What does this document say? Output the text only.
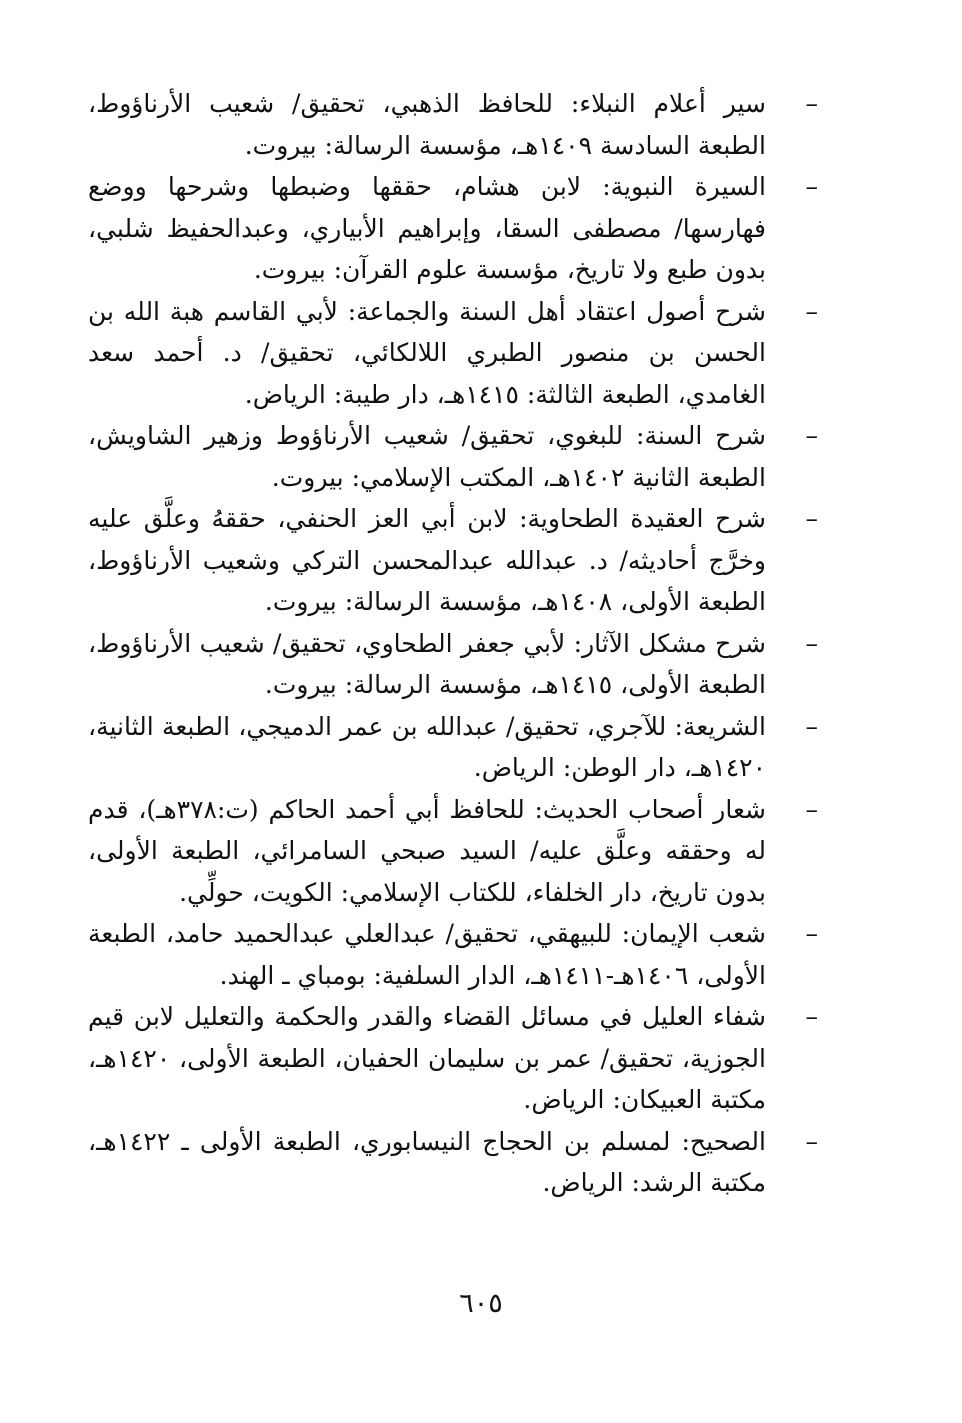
–
سير أعلام النبلاء: للحافظ الذهبي، تحقيق/ شعيب الأرناؤوط، الطبعة السادسة ١٤٠٩هـ، مؤسسة الرسالة: بيروت.
–
السيرة النبوية: لابن هشام، حققها وضبطها وشرحها ووضع فهارسها/ مصطفى السقا، وإبراهيم الأبياري، وعبدالحفيظ شلبي، بدون طبع ولا تاريخ، مؤسسة علوم القرآن: بيروت.
–
شرح أصول اعتقاد أهل السنة والجماعة: لأبي القاسم هبة الله بن الحسن بن منصور الطبري اللالكائي، تحقيق/ د. أحمد سعد الغامدي، الطبعة الثالثة: ١٤١٥هـ، دار طيبة: الرياض.
–
شرح السنة: للبغوي، تحقيق/ شعيب الأرناؤوط وزهير الشاويش، الطبعة الثانية ١٤٠٢هـ، المكتب الإسلامي: بيروت.
–
شرح العقيدة الطحاوية: لابن أبي العز الحنفي، حققهُ وعلَّق عليه وخرَّج أحاديثه/ د. عبدالله عبدالمحسن التركي وشعيب الأرناؤوط، الطبعة الأولى، ١٤٠٨هـ، مؤسسة الرسالة: بيروت.
–
شرح مشكل الآثار: لأبي جعفر الطحاوي، تحقيق/ شعيب الأرناؤوط، الطبعة الأولى، ١٤١٥هـ، مؤسسة الرسالة: بيروت.
–
الشريعة: للآجري، تحقيق/ عبدالله بن عمر الدميجي، الطبعة الثانية، ١٤٢٠هـ، دار الوطن: الرياض.
–
شعار أصحاب الحديث: للحافظ أبي أحمد الحاكم (ت:٣٧٨هـ)، قدم له وحققه وعلَّق عليه/ السيد صبحي السامرائي، الطبعة الأولى، بدون تاريخ، دار الخلفاء، للكتاب الإسلامي: الكويت، حولِّي.
–
شعب الإيمان: للبيهقي، تحقيق/ عبدالعلي عبدالحميد حامد، الطبعة الأولى، ١٤٠٦هـ-١٤١١هـ، الدار السلفية: بومباي ـ الهند.
–
شفاء العليل في مسائل القضاء والقدر والحكمة والتعليل لابن قيم الجوزية، تحقيق/ عمر بن سليمان الحفيان، الطبعة الأولى، ١٤٢٠هـ، مكتبة العبيكان: الرياض.
–
الصحيح: لمسلم بن الحجاج النيسابوري، الطبعة الأولى ـ ١٤٢٢هـ، مكتبة الرشد: الرياض.
٦٠٥
